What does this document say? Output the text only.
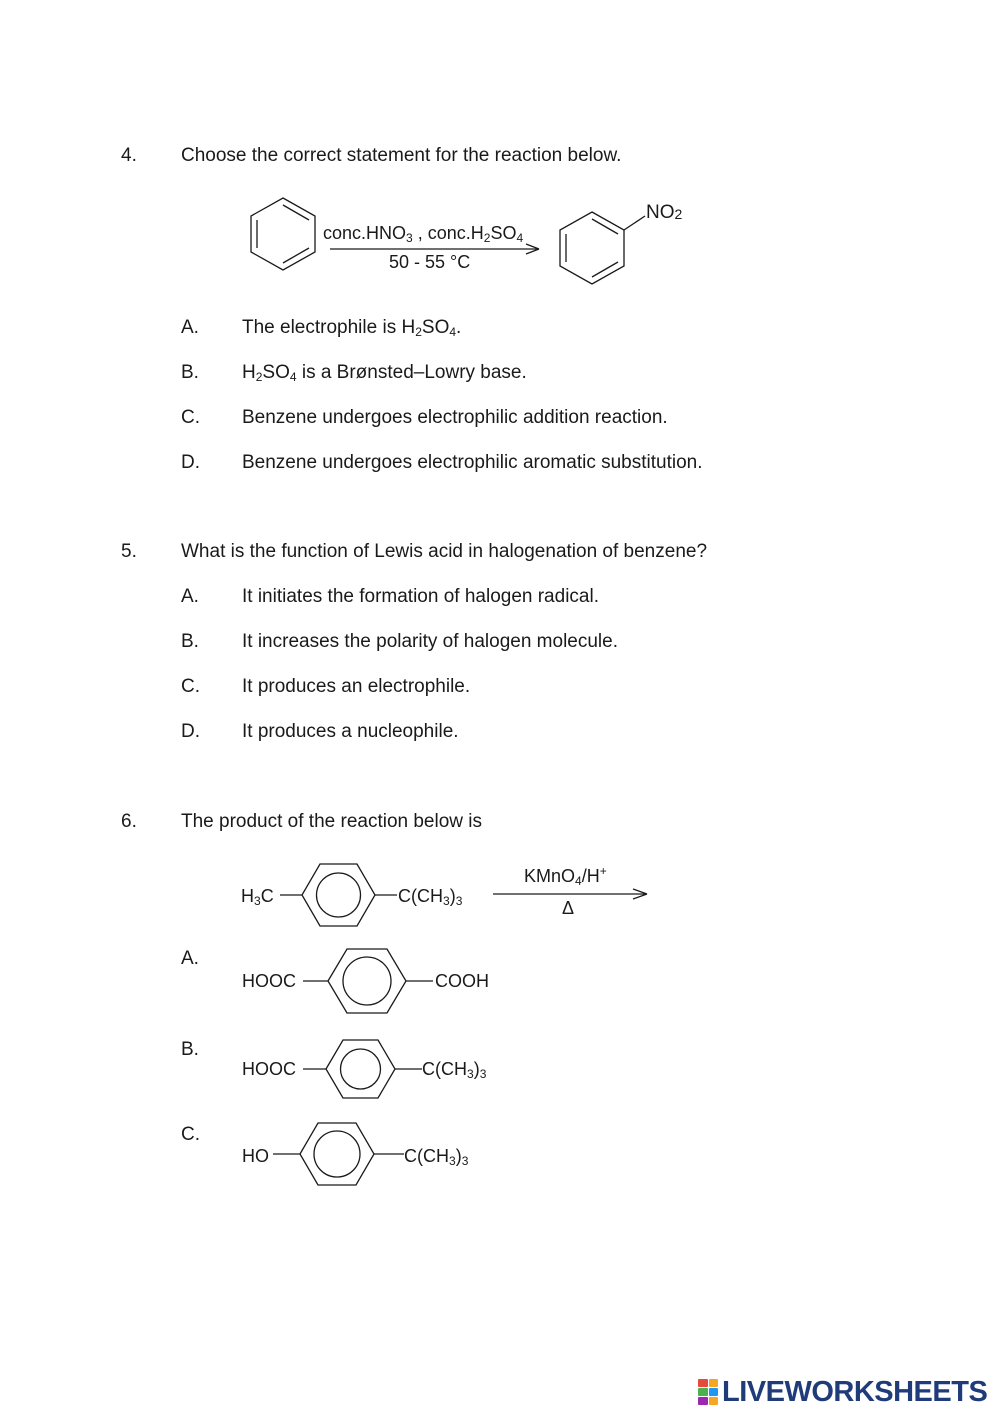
4. Choose the correct statement for the reaction below.
$conc.HNO_3$ , $conc.H_2SO_4$
50 - 55 °C
NO2
A. The electrophile is $H_2SO_4$.
B. $H_2SO_4$ is a Brønsted–Lowry base.
C. Benzene undergoes electrophilic addition reaction.
D. Benzene undergoes electrophilic aromatic substitution.
5. What is the function of Lewis acid in halogenation of benzene?
A. It initiates the formation of halogen radical.
B. It increases the polarity of halogen molecule.
C. It produces an electrophile.
D. It produces a nucleophile.
6. The product of the reaction below is
$H_3C$	$C(CH_3)_3$
KMnO$_4$/H+
Δ
A.
HOOC	COOH
B.
HOOC	$C(CH_3)_3$
C.
HO	$C(CH_3)_3$
LIVEWORKSHEETS
